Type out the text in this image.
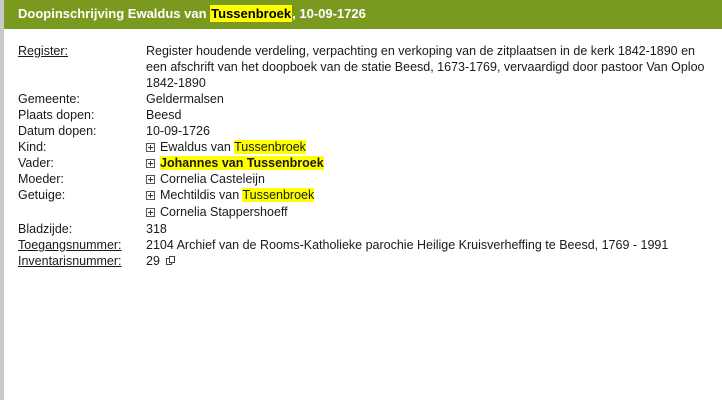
Doopinschrijving Ewaldus van Tussenbroek, 10-09-1726
Register:	Register houdende verdeling, verpachting en verkoping van de zitplaatsen in de kerk 1842-1890 en een afschrift van het doopboek van de statie Beesd, 1673-1769, vervaardigd door pastoor Van Oploo 1842-1890
Gemeente:	Geldermalsen
Plaats dopen:	Beesd
Datum dopen:	10-09-1726
Kind:	Ewaldus van Tussenbroek
Vader:	Johannes van Tussenbroek
Moeder:	Cornelia Casteleijn
Getuige:	Mechtildis van Tussenbroek
Cornelia Stappershoeff

Bladzijde:	318
Toegangsnummer:	2104 Archief van de Rooms-Katholieke parochie Heilige Kruisverheffing te Beesd, 1769 - 1991
Inventarisnummer:	29
